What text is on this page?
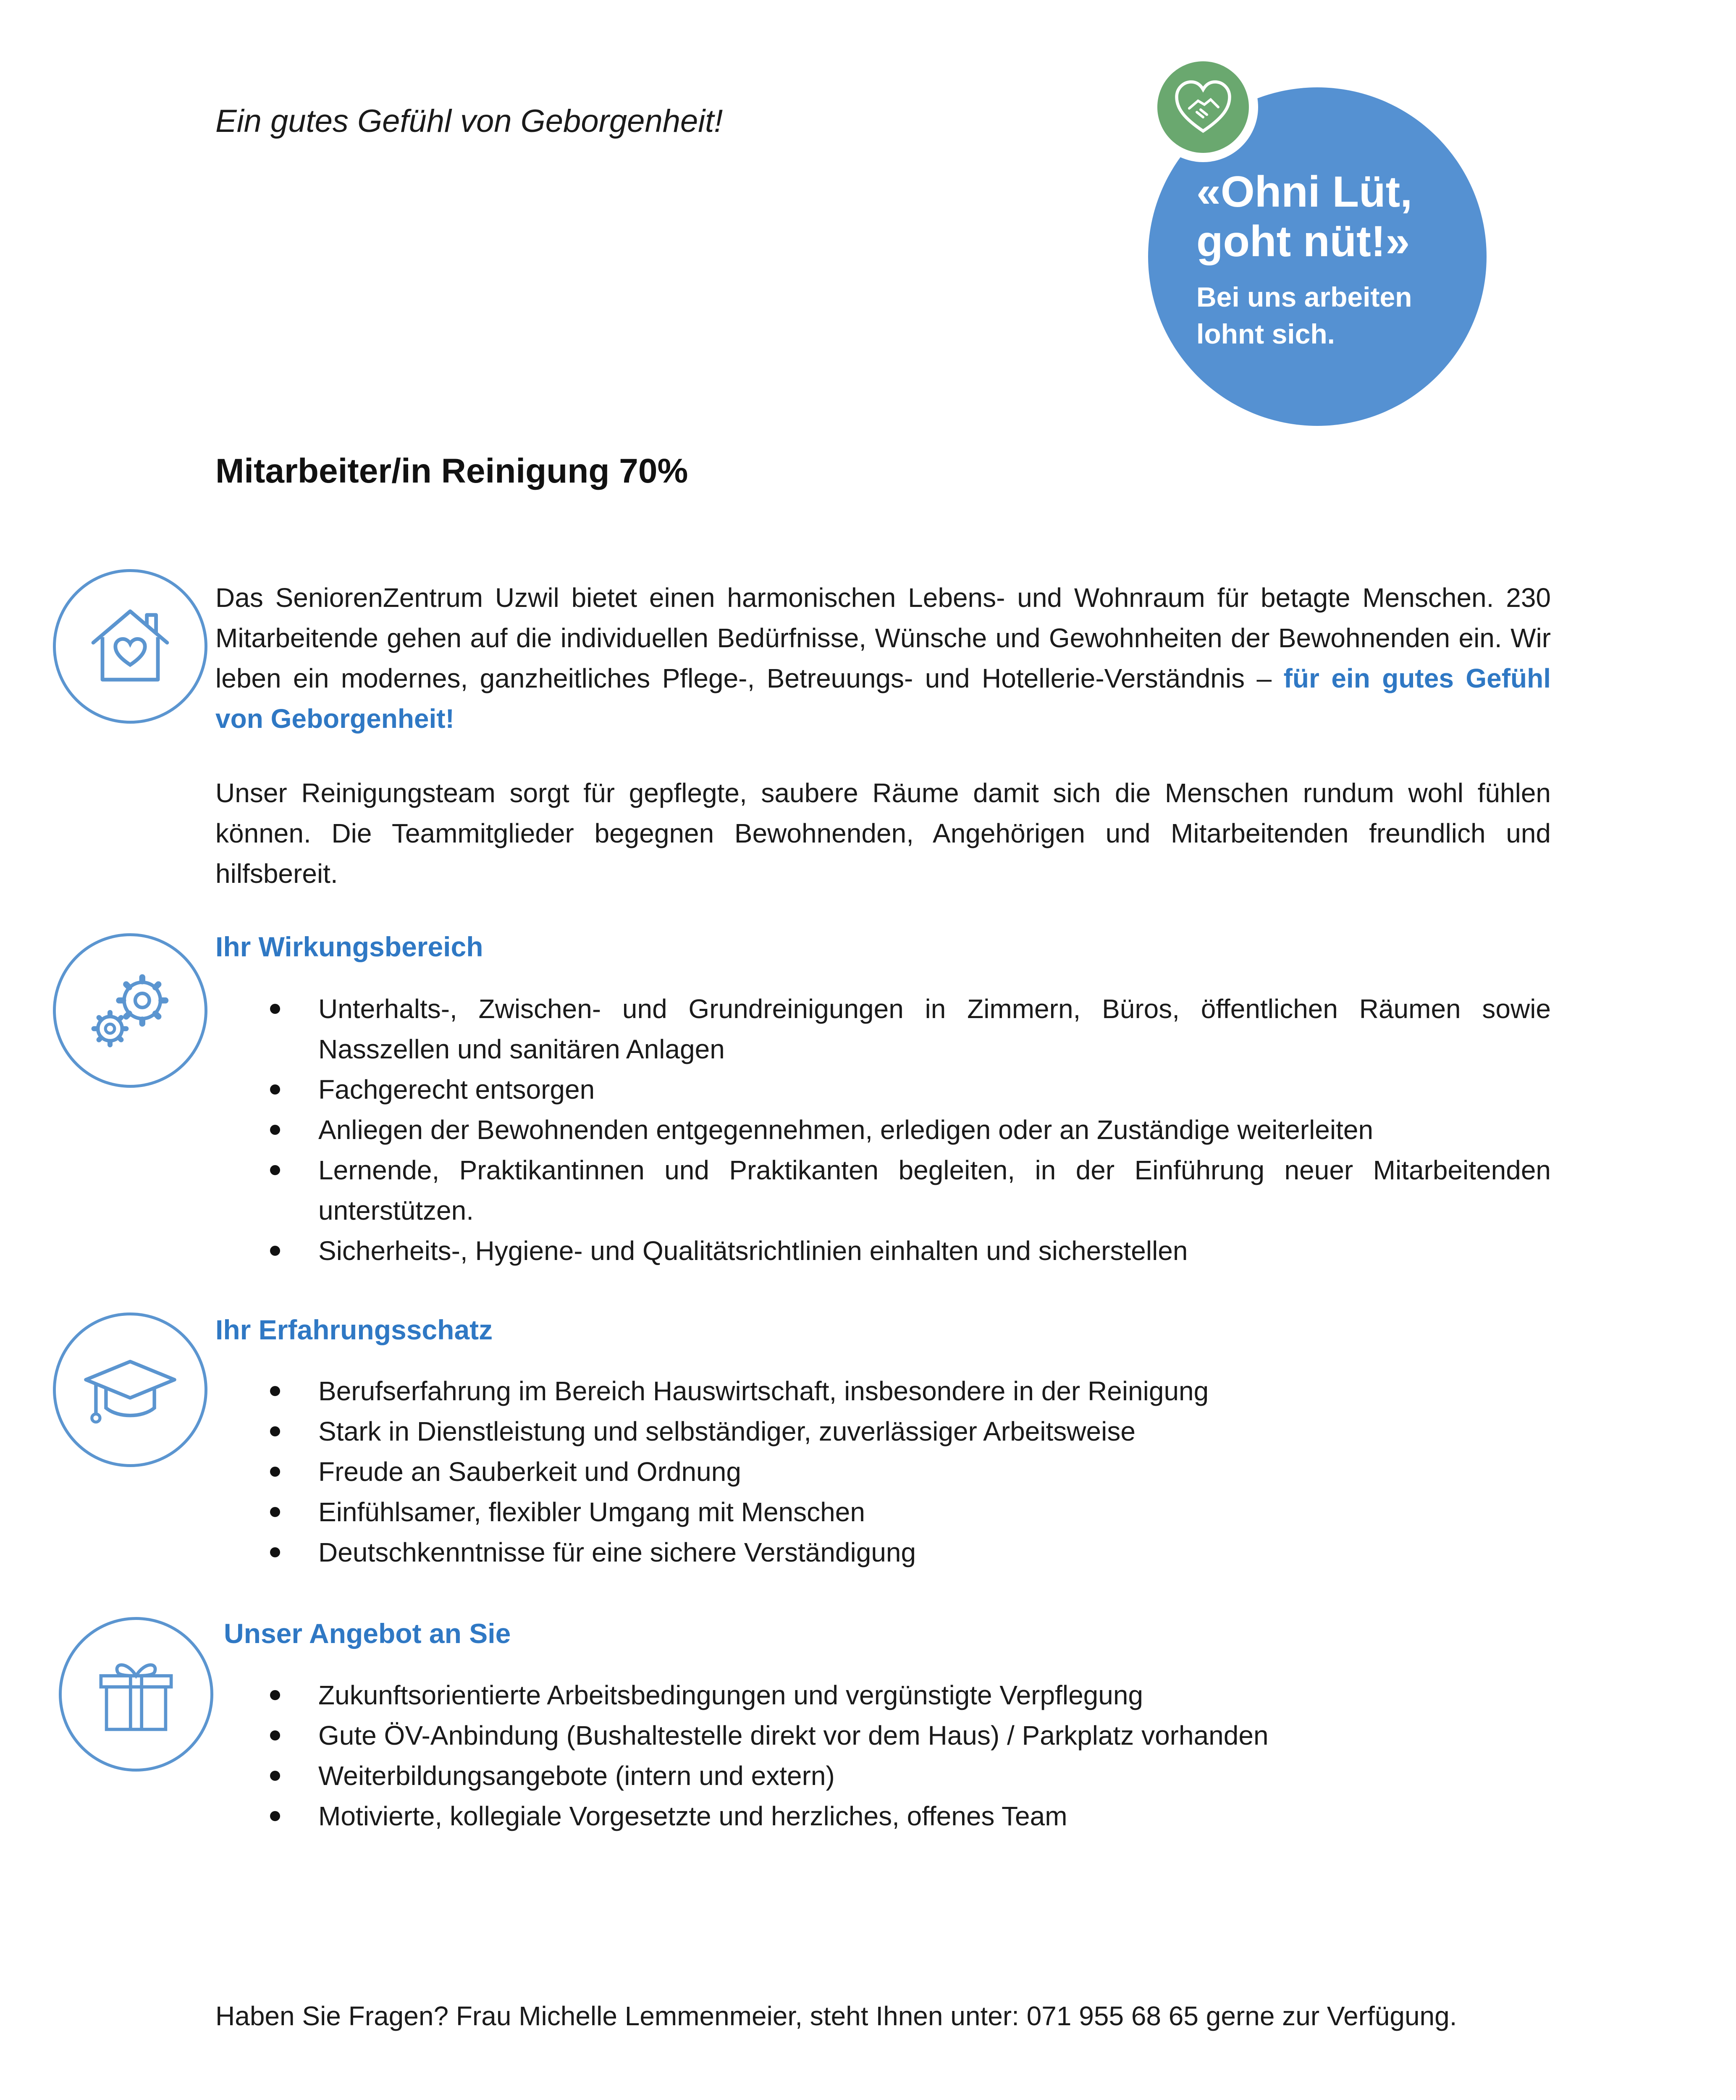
Ein gutes Gefühl von Geborgenheit!
«Ohni Lüt,
goht nüt!»
Bei uns arbeiten
lohnt sich.
Mitarbeiter/in Reinigung 70%
Das SeniorenZentrum Uzwil bietet einen harmonischen Lebens- und Wohnraum für betagte Menschen. 230 Mitarbeitende gehen auf die individuellen Bedürfnisse, Wünsche und Gewohnheiten der Bewohnenden ein. Wir leben ein modernes, ganzheitliches Pflege-, Betreuungs- und Hotellerie-Verständnis – für ein gutes Gefühl von Geborgenheit!
Unser Reinigungsteam sorgt für gepflegte, saubere Räume damit sich die Menschen rundum wohl fühlen können. Die Teammitglieder begegnen Bewohnenden, Angehörigen und Mitarbeitenden freundlich und hilfsbereit.
Ihr Wirkungsbereich
Unterhalts-, Zwischen- und Grundreinigungen in Zimmern, Büros, öffentlichen Räumen sowie Nasszellen und sanitären Anlagen
Fachgerecht entsorgen
Anliegen der Bewohnenden entgegennehmen, erledigen oder an Zuständige weiterleiten
Lernende, Praktikantinnen und Praktikanten begleiten, in der Einführung neuer Mitarbeitenden unterstützen.
Sicherheits-, Hygiene- und Qualitätsrichtlinien einhalten und sicherstellen
Ihr Erfahrungsschatz
Berufserfahrung im Bereich Hauswirtschaft, insbesondere in der Reinigung
Stark in Dienstleistung und selbständiger, zuverlässiger Arbeitsweise
Freude an Sauberkeit und Ordnung
Einfühlsamer, flexibler Umgang mit Menschen
Deutschkenntnisse für eine sichere Verständigung
Unser Angebot an Sie
Zukunftsorientierte Arbeitsbedingungen und vergünstigte Verpflegung
Gute ÖV-Anbindung (Bushaltestelle direkt vor dem Haus) / Parkplatz vorhanden
Weiterbildungsangebote (intern und extern)
Motivierte, kollegiale Vorgesetzte und herzliches, offenes Team
Haben Sie Fragen? Frau Michelle Lemmenmeier, steht Ihnen unter: 071 955 68 65 gerne zur Verfügung.
